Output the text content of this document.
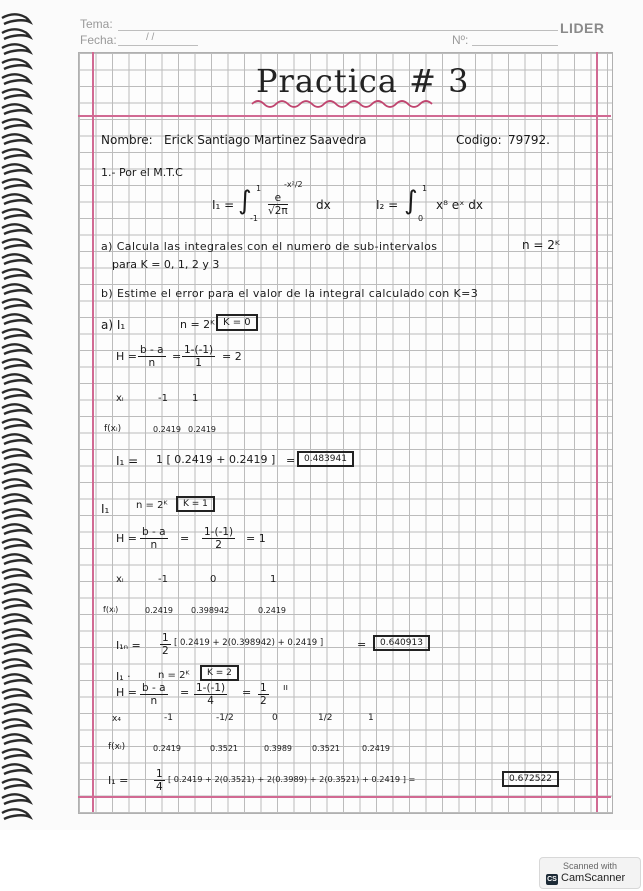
Tema:
Fecha:	/ /	Nº:
LIDER
Practica # 3
Nombre: Erick Santiago Martinez Saavedra	Codigo: 79792.
1.- Por el M.T.C
I₁ = ∫ 1
-1
-x²/2
$\frac{e}{√2\pi}$ dx	I₂ = ∫ 1
0
x⁸ eˣ dx
a) Calcula las integrales con el numero de sub-intervalos	n = 2ᴷ
para K = 0, 1, 2 y 3
b) Estime el error para el valor de la integral calculado con K=3
a) I₁	n = 2ᴷ K = 0
$H = \frac{b - a}{n} = \frac{1-(-1)}{1} = 2$
xᵢ	-1 1
f(xᵢ)	0.2419 0.2419
I₁ = 1 [ 0.2419 + 0.2419 ] = 0.483941
I₁	n = 2ᴷ	K = 1
$H = \frac{b - a}{n} = \frac{1-(-1)}{2} = 1$
xᵢ	-1	0	1
f(xᵢ)	0.2419 0.398942	0.2419
$I_{1n} = \frac{1}{2}$ [ 0.2419 + 2(0.398942) + 0.2419 ]	=	0.640913
I₁ ·	n = 2ᴷ	K = 2
$H = \frac{b - a}{n} = \frac{1-(-1)}{4} = \frac{1}{2}$ ıı
x₄	-1	-1/2	0	1/2	1
f(xᵢ)	0.2419	0.3521	0.3989	0.3521	0.2419
$I_1 = \frac{1}{4}$ [ 0.2419 + 2(0.3521) + 2(0.3989) + 2(0.3521) + 0.2419 ] =	0.672522
Scanned with
CS CamScanner
